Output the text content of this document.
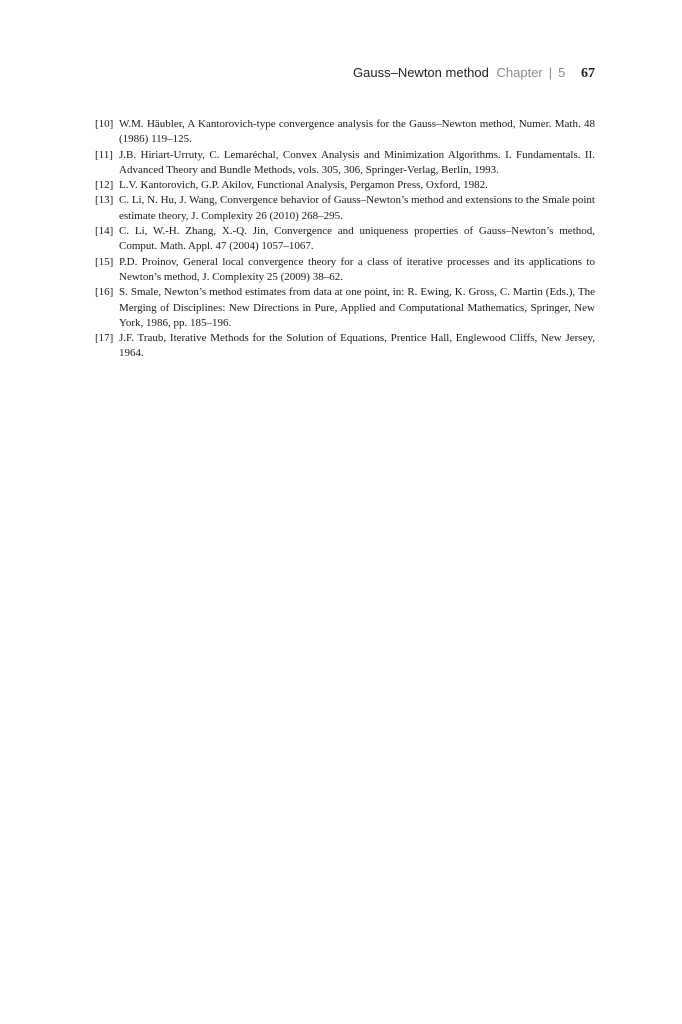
Gauss–Newton method Chapter | 5 67
[10] W.M. Häubler, A Kantorovich-type convergence analysis for the Gauss–Newton method, Numer. Math. 48 (1986) 119–125.
[11] J.B. Hiriart-Urruty, C. Lemaréchal, Convex Analysis and Minimization Algorithms. I. Fundamentals. II. Advanced Theory and Bundle Methods, vols. 305, 306, Springer-Verlag, Berlin, 1993.
[12] L.V. Kantorovich, G.P. Akilov, Functional Analysis, Pergamon Press, Oxford, 1982.
[13] C. Li, N. Hu, J. Wang, Convergence behavior of Gauss–Newton’s method and extensions to the Smale point estimate theory, J. Complexity 26 (2010) 268–295.
[14] C. Li, W.-H. Zhang, X.-Q. Jin, Convergence and uniqueness properties of Gauss–Newton’s method, Comput. Math. Appl. 47 (2004) 1057–1067.
[15] P.D. Proinov, General local convergence theory for a class of iterative processes and its applications to Newton’s method, J. Complexity 25 (2009) 38–62.
[16] S. Smale, Newton’s method estimates from data at one point, in: R. Ewing, K. Gross, C. Martin (Eds.), The Merging of Disciplines: New Directions in Pure, Applied and Computational Mathematics, Springer, New York, 1986, pp. 185–196.
[17] J.F. Traub, Iterative Methods for the Solution of Equations, Prentice Hall, Englewood Cliffs, New Jersey, 1964.
